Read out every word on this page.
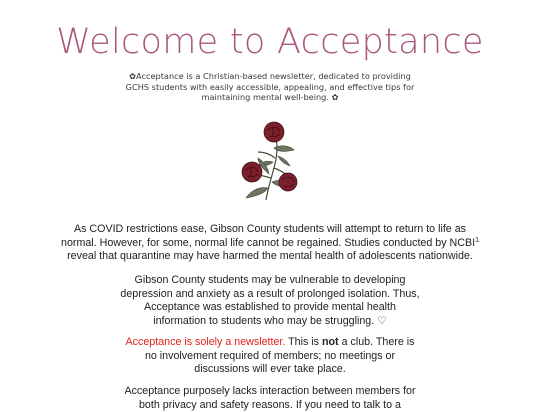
Welcome to Acceptance
✿Acceptance is a Christian-based newsletter, dedicated to providing
GCHS students with easily accessible, appealing, and effective tips for
maintaining mental well-being. ✿
As COVID restrictions ease, Gibson County students will attempt to return to life as
normal. However, for some, normal life cannot be regained. Studies conducted by NCBI$^1$
reveal that quarantine may have harmed the mental health of adolescents nationwide.
Gibson County students may be vulnerable to developing
depression and anxiety as a result of prolonged isolation. Thus,
Acceptance was established to provide mental health
information to students who may be struggling. ♡
Acceptance is solely a newsletter. This is not a club. There is
no involvement required of members; no meetings or
discussions will ever take place.
Acceptance purposely lacks interaction between members for
both privacy and safety reasons. If you need to talk to a
